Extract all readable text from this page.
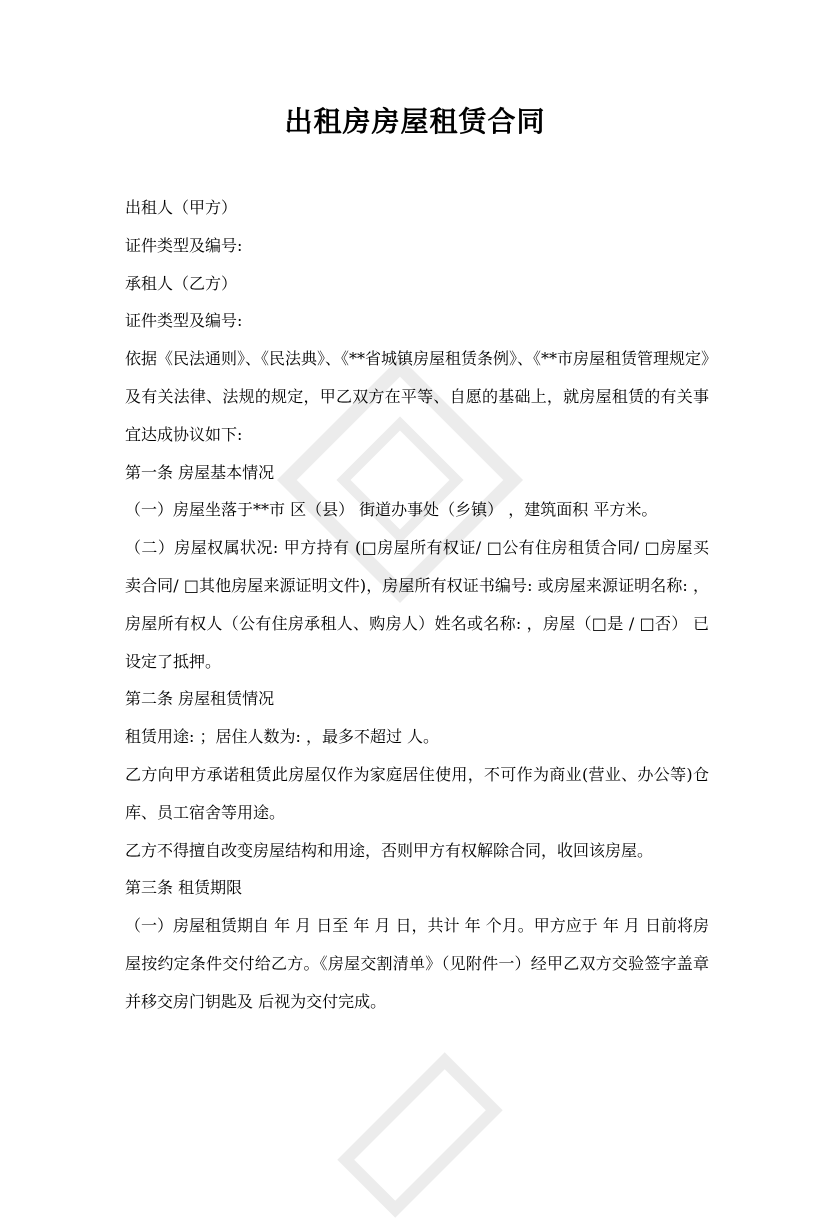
出租房房屋租赁合同

出租人（甲方）

证件类型及编号:

承租人（乙方）

证件类型及编号:

依据《民法通则》、《民法典》、《**省城镇房屋租赁条例》、《**市房屋租赁管理规定》及有关法律、法规的规定，甲乙双方在平等、自愿的基础上，就房屋租赁的有关事宜达成协议如下:

第一条 房屋基本情况

（一）房屋坐落于**市 区（县） 街道办事处（乡镇） ，建筑面积 平方米。

（二）房屋权属状况: 甲方持有 (□房屋所有权证/ □公有住房租赁合同/ □房屋买卖合同/ □其他房屋来源证明文件)，房屋所有权证书编号: 或房屋来源证明名称: ，房屋所有权人（公有住房承租人、购房人）姓名或名称: ，房屋（□是 / □否） 已设定了抵押。

第二条 房屋租赁情况

租赁用途: ；居住人数为: ，最多不超过 人。

乙方向甲方承诺租赁此房屋仅作为家庭居住使用，不可作为商业(营业、办公等)仓库、员工宿舍等用途。

乙方不得擅自改变房屋结构和用途，否则甲方有权解除合同，收回该房屋。

第三条 租赁期限

（一）房屋租赁期自 年 月 日至 年 月 日，共计 年 个月。甲方应于 年 月 日前将房屋按约定条件交付给乙方。《房屋交割清单》（见附件一）经甲乙双方交验签字盖章并移交房门钥匙及 后视为交付完成。
